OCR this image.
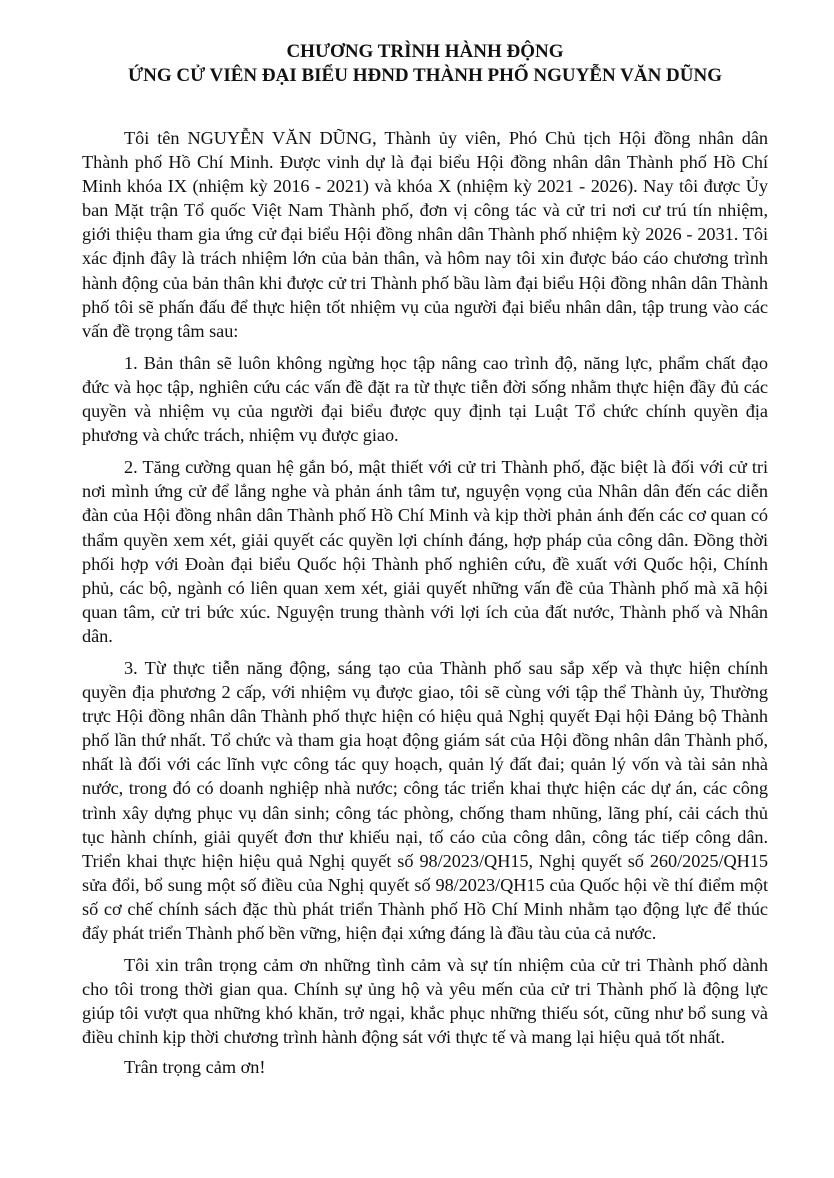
CHƯƠNG TRÌNH HÀNH ĐỘNG
ỨNG CỬ VIÊN ĐẠI BIỂU HĐND THÀNH PHỐ NGUYỄN VĂN DŨNG

Tôi tên NGUYỄN VĂN DŨNG, Thành ủy viên, Phó Chủ tịch Hội đồng nhân dân Thành phố Hồ Chí Minh. Được vinh dự là đại biểu Hội đồng nhân dân Thành phố Hồ Chí Minh khóa IX (nhiệm kỳ 2016 - 2021) và khóa X (nhiệm kỳ 2021 - 2026). Nay tôi được Ủy ban Mặt trận Tổ quốc Việt Nam Thành phố, đơn vị công tác và cử tri nơi cư trú tín nhiệm, giới thiệu tham gia ứng cử đại biểu Hội đồng nhân dân Thành phố nhiệm kỳ 2026 - 2031. Tôi xác định đây là trách nhiệm lớn của bản thân, và hôm nay tôi xin được báo cáo chương trình hành động của bản thân khi được cử tri Thành phố bầu làm đại biểu Hội đồng nhân dân Thành phố tôi sẽ phấn đấu để thực hiện tốt nhiệm vụ của người đại biểu nhân dân, tập trung vào các vấn đề trọng tâm sau:

1. Bản thân sẽ luôn không ngừng học tập nâng cao trình độ, năng lực, phẩm chất đạo đức và học tập, nghiên cứu các vấn đề đặt ra từ thực tiễn đời sống nhằm thực hiện đầy đủ các quyền và nhiệm vụ của người đại biểu được quy định tại Luật Tổ chức chính quyền địa phương và chức trách, nhiệm vụ được giao.

2. Tăng cường quan hệ gắn bó, mật thiết với cử tri Thành phố, đặc biệt là đối với cử tri nơi mình ứng cử để lắng nghe và phản ánh tâm tư, nguyện vọng của Nhân dân đến các diễn đàn của Hội đồng nhân dân Thành phố Hồ Chí Minh và kịp thời phản ánh đến các cơ quan có thẩm quyền xem xét, giải quyết các quyền lợi chính đáng, hợp pháp của công dân. Đồng thời phối hợp với Đoàn đại biểu Quốc hội Thành phố nghiên cứu, đề xuất với Quốc hội, Chính phủ, các bộ, ngành có liên quan xem xét, giải quyết những vấn đề của Thành phố mà xã hội quan tâm, cử tri bức xúc. Nguyện trung thành với lợi ích của đất nước, Thành phố và Nhân dân.

3. Từ thực tiễn năng động, sáng tạo của Thành phố sau sắp xếp và thực hiện chính quyền địa phương 2 cấp, với nhiệm vụ được giao, tôi sẽ cùng với tập thể Thành ủy, Thường trực Hội đồng nhân dân Thành phố thực hiện có hiệu quả Nghị quyết Đại hội Đảng bộ Thành phố lần thứ nhất. Tổ chức và tham gia hoạt động giám sát của Hội đồng nhân dân Thành phố, nhất là đối với các lĩnh vực công tác quy hoạch, quản lý đất đai; quản lý vốn và tài sản nhà nước, trong đó có doanh nghiệp nhà nước; công tác triển khai thực hiện các dự án, các công trình xây dựng phục vụ dân sinh; công tác phòng, chống tham nhũng, lãng phí, cải cách thủ tục hành chính, giải quyết đơn thư khiếu nại, tố cáo của công dân, công tác tiếp công dân. Triển khai thực hiện hiệu quả Nghị quyết số 98/2023/QH15, Nghị quyết số 260/2025/QH15 sửa đổi, bổ sung một số điều của Nghị quyết số 98/2023/QH15 của Quốc hội về thí điểm một số cơ chế chính sách đặc thù phát triển Thành phố Hồ Chí Minh nhằm tạo động lực để thúc đẩy phát triển Thành phố bền vững, hiện đại xứng đáng là đầu tàu của cả nước.

Tôi xin trân trọng cảm ơn những tình cảm và sự tín nhiệm của cử tri Thành phố dành cho tôi trong thời gian qua. Chính sự ủng hộ và yêu mến của cử tri Thành phố là động lực giúp tôi vượt qua những khó khăn, trở ngại, khắc phục những thiếu sót, cũng như bổ sung và điều chỉnh kịp thời chương trình hành động sát với thực tế và mang lại hiệu quả tốt nhất.

Trân trọng cảm ơn!
